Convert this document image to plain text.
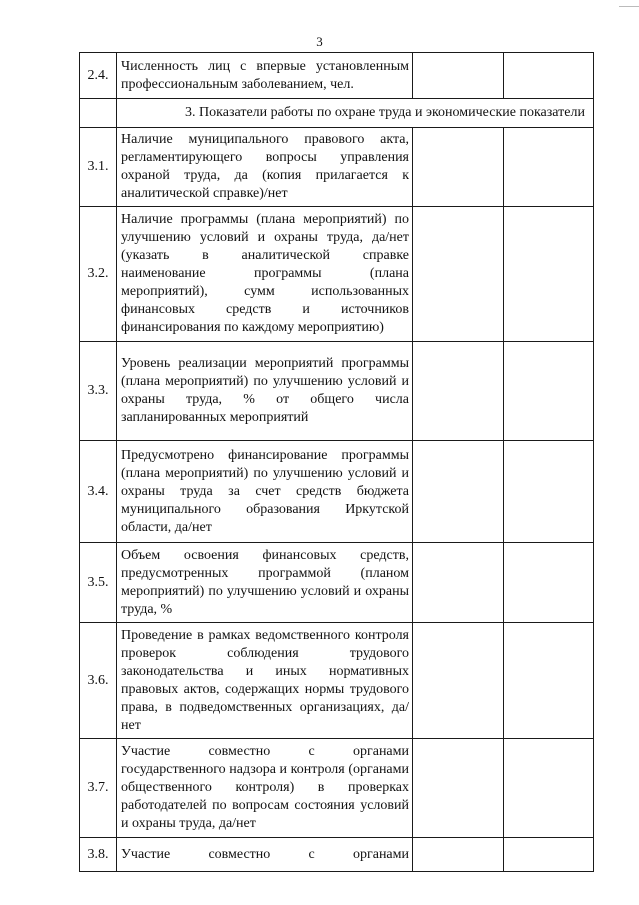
3
2.4.	Численность лиц с впервые установленным профессиональным заболеванием, чел.		
	3. Показатели работы по охране труда и экономические показатели		
3.1.	Наличие муниципального правового акта, регламентирующего вопросы управления охраной труда, да (копия прилагается к аналитической справке)/нет		
3.2.	Наличие программы (плана мероприятий) по улучшению условий и охраны труда, да/нет (указать в аналитической справке наименование программы (плана мероприятий), сумм использованных финансовых средств и источников финансирования по каждому мероприятию)		
3.3.	Уровень реализации мероприятий программы (плана мероприятий) по улучшению условий и охраны труда, % от общего числа запланированных мероприятий		
3.4.	Предусмотрено финансирование программы (плана мероприятий) по улучшению условий и охраны труда за счет средств бюджета муниципального образования Иркутской области, да/нет		
3.5.	Объем освоения финансовых средств, предусмотренных программой (планом мероприятий) по улучшению условий и охраны труда, %		
3.6.	Проведение в рамках ведомственного контроля проверок соблюдения трудового законодательства и иных нормативных правовых актов, содержащих нормы трудового права, в подведомственных организациях, да/нет		
3.7.	Участие совместно с органами государственного надзора и контроля (органами общественного контроля) в проверках работодателей по вопросам состояния условий и охраны труда, да/нет		
3.8.	Участие совместно с органами		
